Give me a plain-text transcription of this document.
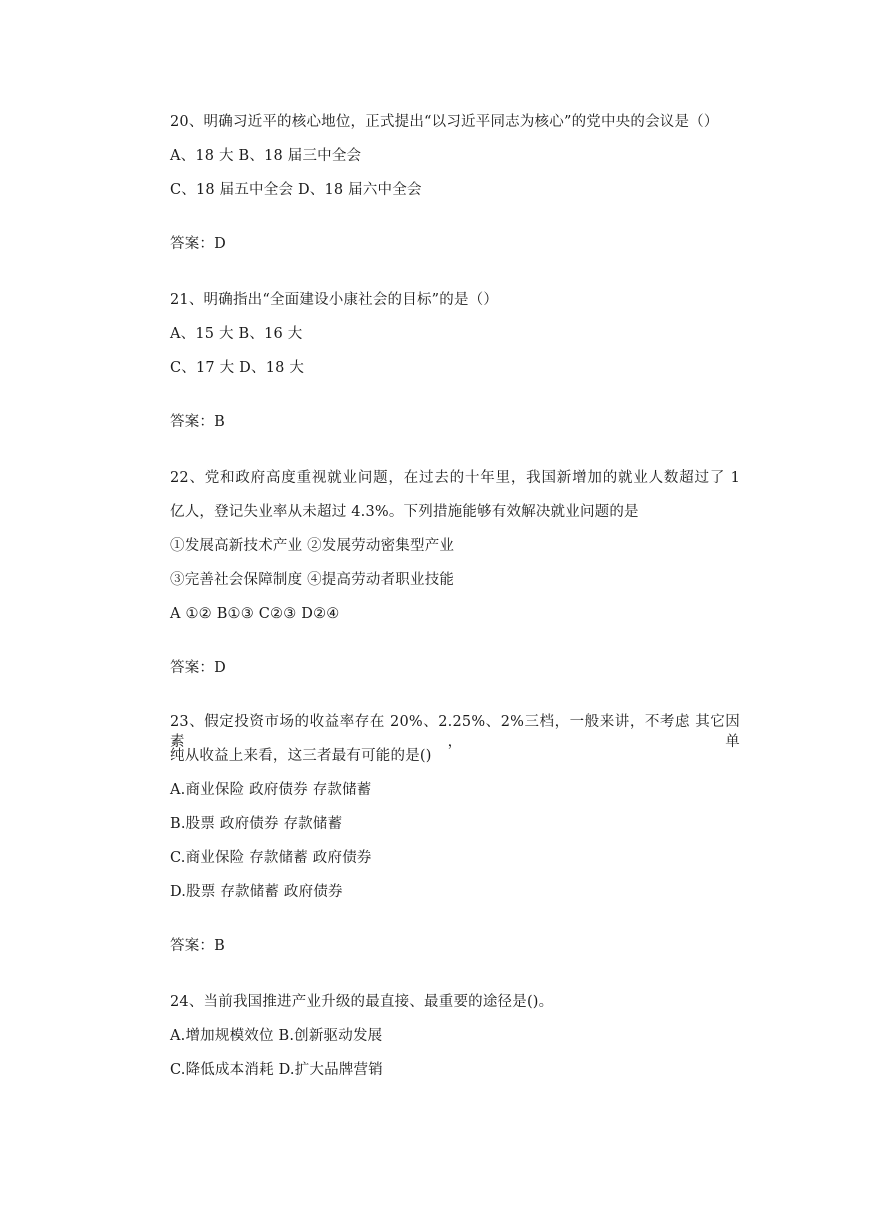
20、明确习近平的核心地位，正式提出“以习近平同志为核心”的党中央的会议是（）
A、18 大 B、18 届三中全会
C、18 届五中全会 D、18 届六中全会
答案：D
21、明确指出“全面建设小康社会的目标”的是（）
A、15 大 B、16 大
C、17 大 D、18 大
答案：B
22、党和政府高度重视就业问题，在过去的十年里，我国新增加的就业人数超过了 1
亿人，登记失业率从未超过 4.3%。下列措施能够有效解决就业问题的是
①发展高新技术产业 ②发展劳动密集型产业
③完善社会保障制度 ④提高劳动者职业技能
A ①② B①③ C②③ D②④
答案：D
23、假定投资市场的收益率存在 20%、2.25%、2%三档，一般来讲，不考虑 其它因素，单
纯从收益上来看，这三者最有可能的是()
A.商业保险 政府债券 存款储蓄
B.股票 政府债券 存款储蓄
C.商业保险 存款储蓄 政府债券
D.股票 存款储蓄 政府债券
答案：B
24、当前我国推进产业升级的最直接、最重要的途径是()。
A.增加规模效位 B.创新驱动发展
C.降低成本消耗 D.扩大品牌营销
